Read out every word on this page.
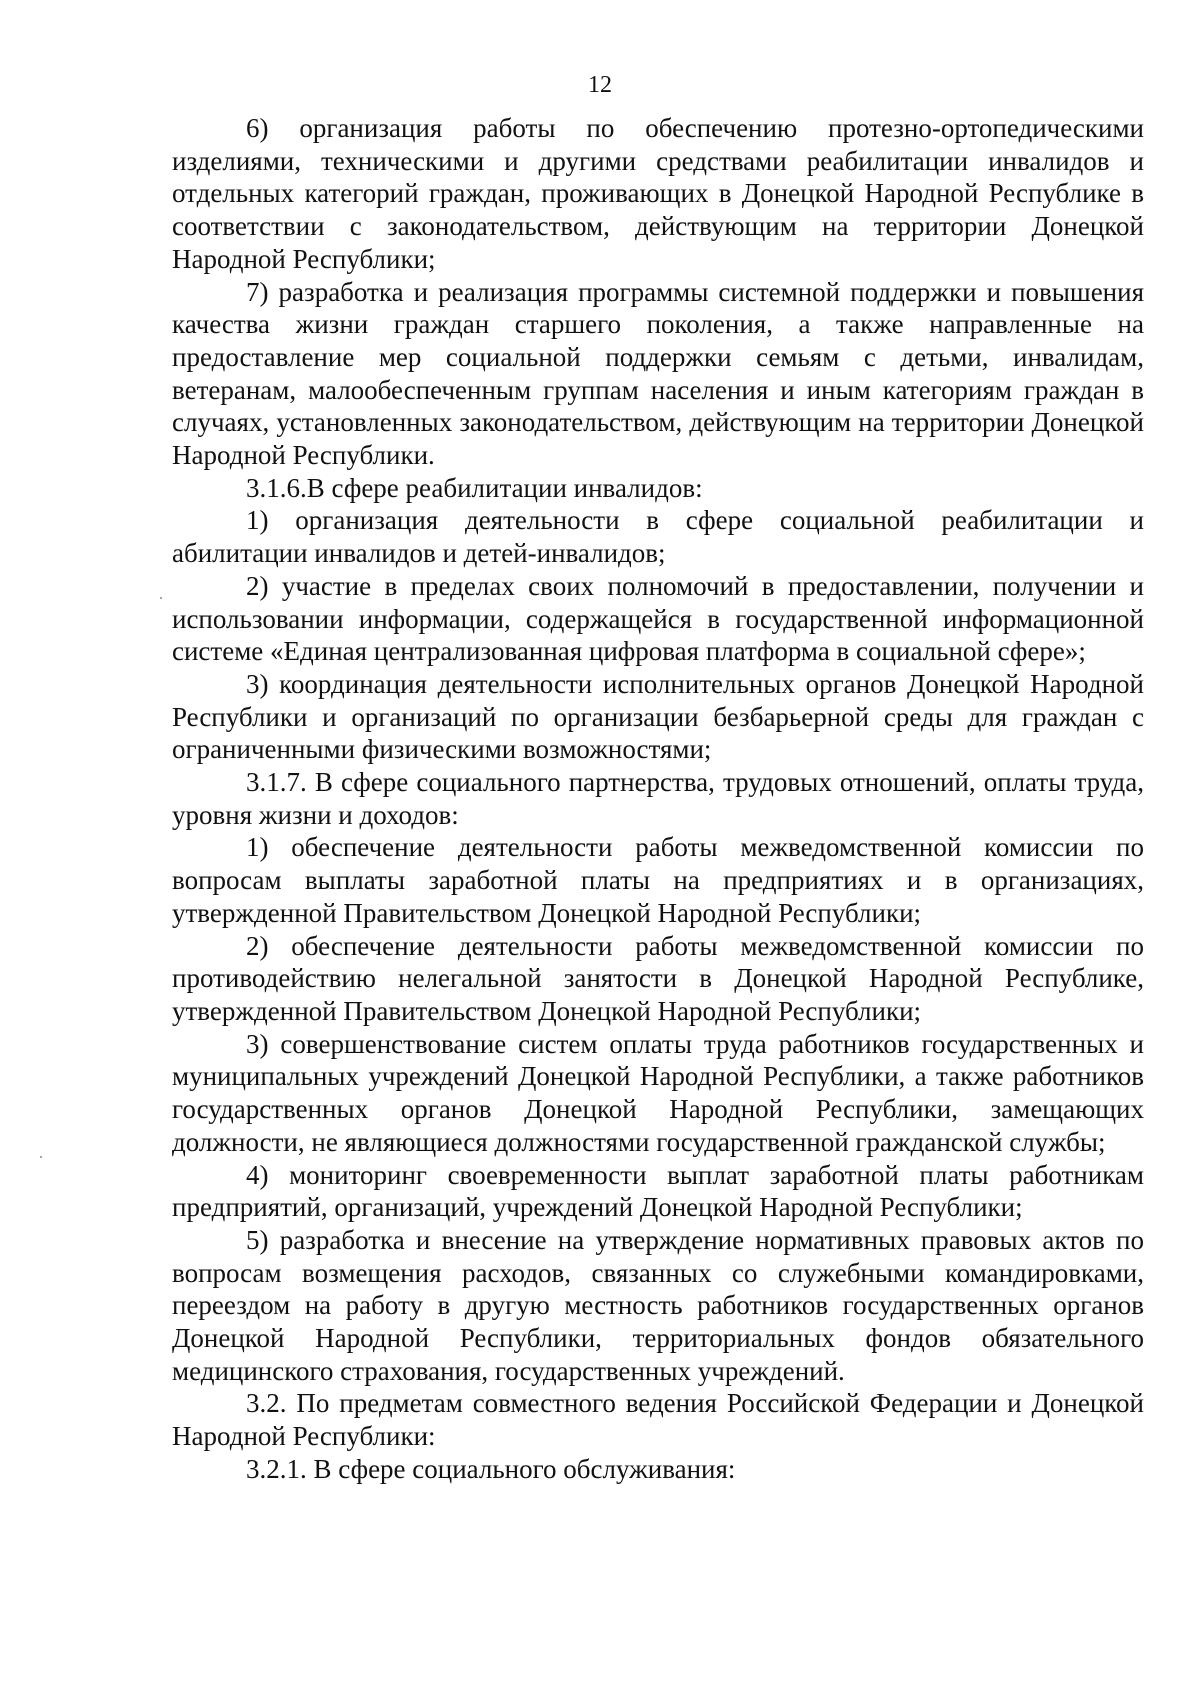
12

6) организация работы по обеспечению протезно-ортопедическими изделиями, техническими и другими средствами реабилитации инвалидов и отдельных категорий граждан, проживающих в Донецкой Народной Республике в соответствии с законодательством, действующим на территории Донецкой Народной Республики;

7) разработка и реализация программы системной поддержки и повышения качества жизни граждан старшего поколения, а также направленные на предоставление мер социальной поддержки семьям с детьми, инвалидам, ветеранам, малообеспеченным группам населения и иным категориям граждан в случаях, установленных законодательством, действующим на территории Донецкой Народной Республики.

3.1.6.В сфере реабилитации инвалидов:

1) организация деятельности в сфере социальной реабилитации и абилитации инвалидов и детей-инвалидов;

2) участие в пределах своих полномочий в предоставлении, получении и использовании информации, содержащейся в государственной информационной системе «Единая централизованная цифровая платформа в социальной сфере»;

3) координация деятельности исполнительных органов Донецкой Народной Республики и организаций по организации безбарьерной среды для граждан с ограниченными физическими возможностями;

3.1.7. В сфере социального партнерства, трудовых отношений, оплаты труда, уровня жизни и доходов:

1) обеспечение деятельности работы межведомственной комиссии по вопросам выплаты заработной платы на предприятиях и в организациях, утвержденной Правительством Донецкой Народной Республики;

2) обеспечение деятельности работы межведомственной комиссии по противодействию нелегальной занятости в Донецкой Народной Республике, утвержденной Правительством Донецкой Народной Республики;

3) совершенствование систем оплаты труда работников государственных и муниципальных учреждений Донецкой Народной Республики, а также работников государственных органов Донецкой Народной Республики, замещающих должности, не являющиеся должностями государственной гражданской службы;

4) мониторинг своевременности выплат заработной платы работникам предприятий, организаций, учреждений Донецкой Народной Республики;

5) разработка и внесение на утверждение нормативных правовых актов по вопросам возмещения расходов, связанных со служебными командировками, переездом на работу в другую местность работников государственных органов Донецкой Народной Республики, территориальных фондов обязательного медицинского страхования, государственных учреждений.

3.2. По предметам совместного ведения Российской Федерации и Донецкой Народной Республики:

3.2.1. В сфере социального обслуживания:
